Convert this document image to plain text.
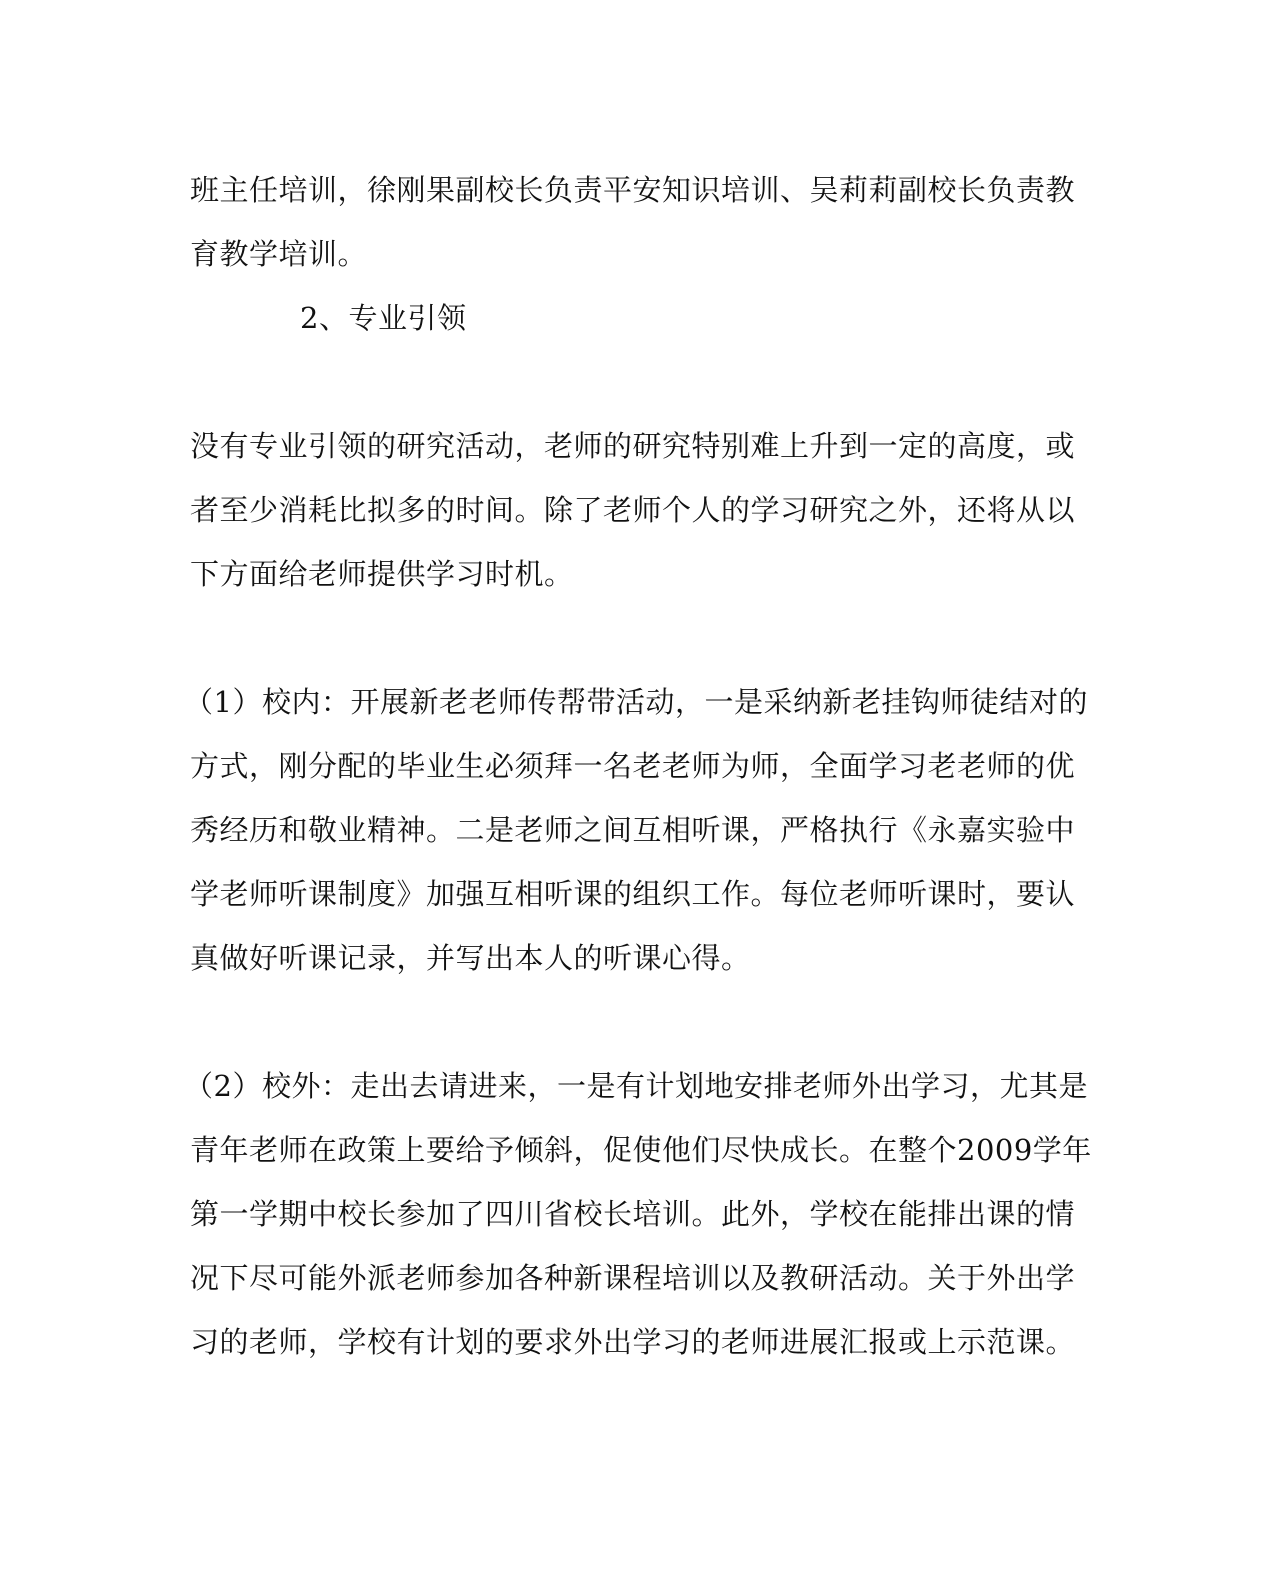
班主任培训，徐刚果副校长负责平安知识培训、吴莉莉副校长负责教
育教学培训。
2、专业引领
没有专业引领的研究活动，老师的研究特别难上升到一定的高度，或
者至少消耗比拟多的时间。除了老师个人的学习研究之外，还将从以
下方面给老师提供学习时机。
（1）校内：开展新老老师传帮带活动，一是采纳新老挂钩师徒结对的
方式，刚分配的毕业生必须拜一名老老师为师，全面学习老老师的优
秀经历和敬业精神。二是老师之间互相听课，严格执行《永嘉实验中
学老师听课制度》加强互相听课的组织工作。每位老师听课时，要认
真做好听课记录，并写出本人的听课心得。
（2）校外：走出去请进来，一是有计划地安排老师外出学习，尤其是
青年老师在政策上要给予倾斜，促使他们尽快成长。在整个2009学年
第一学期中校长参加了四川省校长培训。此外，学校在能排出课的情
况下尽可能外派老师参加各种新课程培训以及教研活动。关于外出学
习的老师，学校有计划的要求外出学习的老师进展汇报或上示范课。
